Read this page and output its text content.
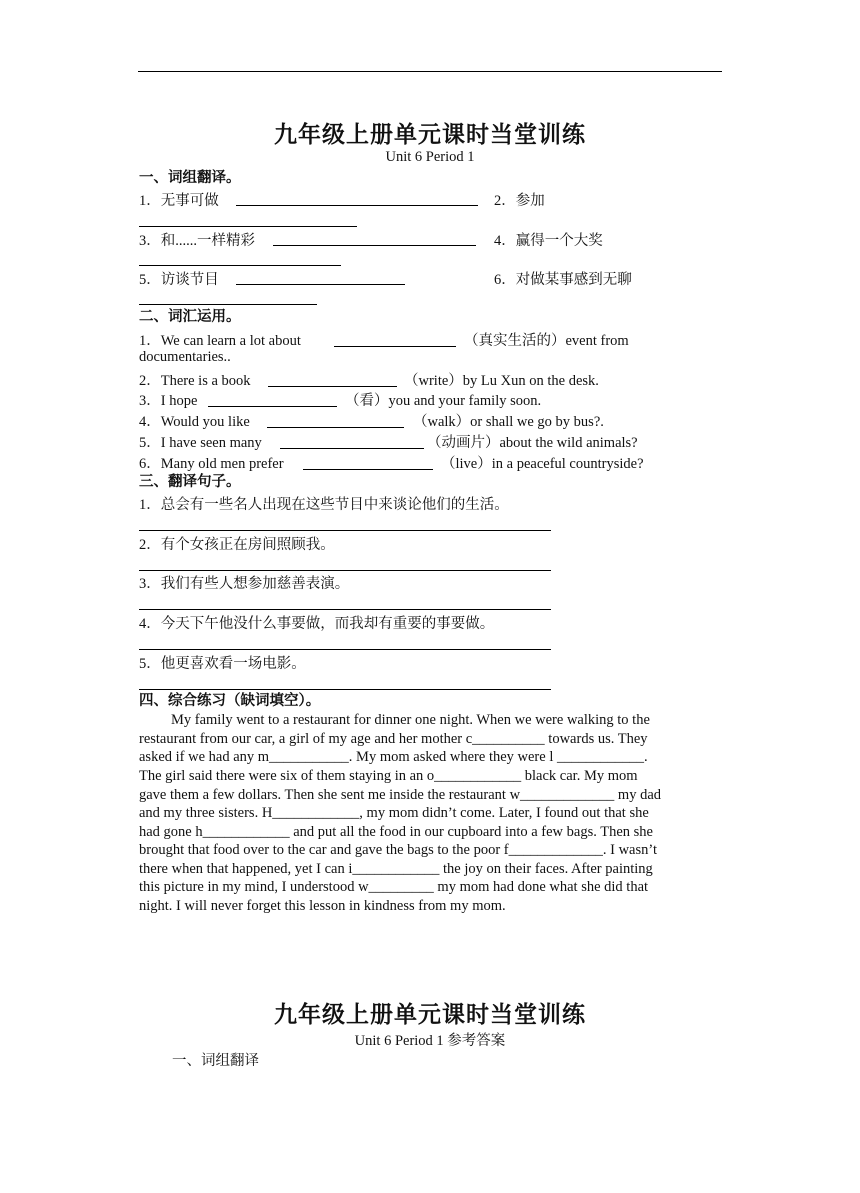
九年级上册单元课时当堂训练
Unit 6 Period 1
一、词组翻译。
1．无事可做	2．参加
3．和......一样精彩	4．赢得一个大奖
5．访谈节目	6．对做某事感到无聊
二、词汇运用。
1．We can learn a lot about	（真实生活的）event from
documentaries..
2．There is a book	（write）by Lu Xun on the desk.
3．I hope	（看）you and your family soon.
4．Would you like	（walk）or shall we go by bus?.
5．I have seen many	（动画片）about the wild animals?
6．Many old men prefer	（live）in a peaceful countryside?
三、翻译句子。
1．总会有一些名人出现在这些节目中来谈论他们的生活。
2．有个女孩正在房间照顾我。
3．我们有些人想参加慈善表演。
4．今天下午他没什么事要做，而我却有重要的事要做。
5．他更喜欢看一场电影。
四、综合练习（缺词填空）。
My family went to a restaurant for dinner one night. When we were walking to the
restaurant from our car, a girl of my age and her mother c__________ towards us. They
asked if we had any m___________. My mom asked where they were l ____________.
The girl said there were six of them staying in an o____________ black car. My mom
gave them a few dollars. Then she sent me inside the restaurant w_____________ my dad
and my three sisters. H____________, my mom didn’t come. Later, I found out that she
had gone h____________ and put all the food in our cupboard into a few bags. Then she
brought that food over to the car and gave the bags to the poor f_____________. I wasn’t
there when that happened, yet I can i____________ the joy on their faces. After painting
this picture in my mind, I understood w_________ my mom had done what she did that
night. I will never forget this lesson in kindness from my mom.
九年级上册单元课时当堂训练
Unit 6 Period 1 参考答案
一、词组翻译
